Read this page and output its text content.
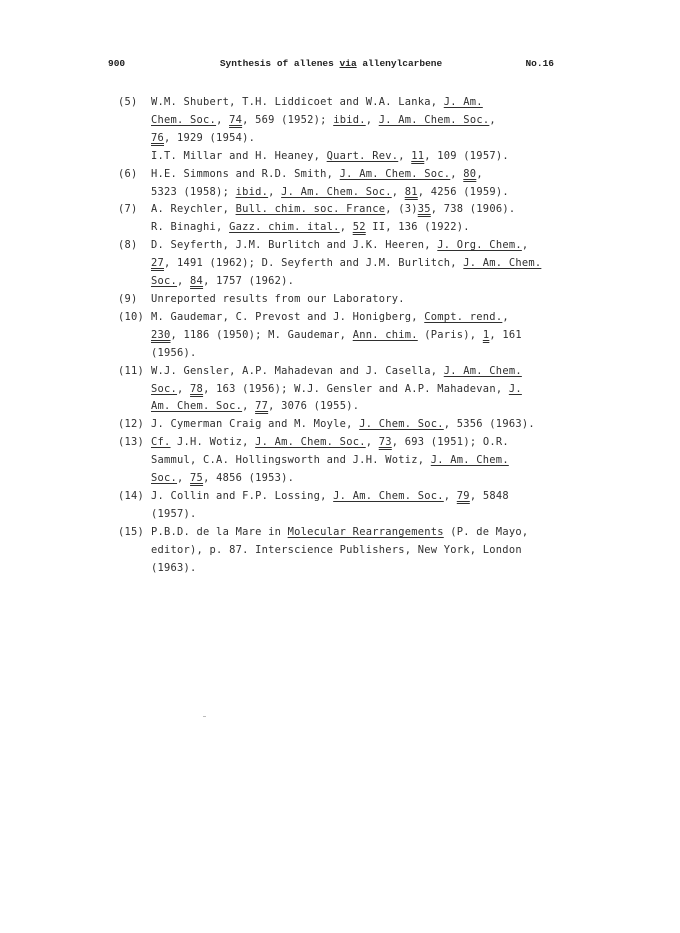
900	Synthesis of allenes via allenylcarbene	No.16
(5) W.M. Shubert, T.H. Liddicoet and W.A. Lanka, J. Am.
Chem. Soc., 74, 569 (1952); ibid., J. Am. Chem. Soc.,
76, 1929 (1954).
I.T. Millar and H. Heaney, Quart. Rev., 11, 109 (1957).
(6) H.E. Simmons and R.D. Smith, J. Am. Chem. Soc., 80,
5323 (1958); ibid., J. Am. Chem. Soc., 81, 4256 (1959).
(7) A. Reychler, Bull. chim. soc. France, (3)35, 738 (1906).
R. Binaghi, Gazz. chim. ital., 52 II, 136 (1922).
(8) D. Seyferth, J.M. Burlitch and J.K. Heeren, J. Org. Chem.,
27, 1491 (1962); D. Seyferth and J.M. Burlitch, J. Am. Chem.
Soc., 84, 1757 (1962).
(9) Unreported results from our Laboratory.
(10) M. Gaudemar, C. Prevost and J. Honigberg, Compt. rend.,
230, 1186 (1950); M. Gaudemar, Ann. chim. (Paris), 1, 161
(1956).
(11) W.J. Gensler, A.P. Mahadevan and J. Casella, J. Am. Chem.
Soc., 78, 163 (1956); W.J. Gensler and A.P. Mahadevan, J.
Am. Chem. Soc., 77, 3076 (1955).
(12) J. Cymerman Craig and M. Moyle, J. Chem. Soc., 5356 (1963).
(13) Cf. J.H. Wotiz, J. Am. Chem. Soc., 73, 693 (1951); O.R.
Sammul, C.A. Hollingsworth and J.H. Wotiz, J. Am. Chem.
Soc., 75, 4856 (1953).
(14) J. Collin and F.P. Lossing, J. Am. Chem. Soc., 79, 5848
(1957).
(15) P.B.D. de la Mare in Molecular Rearrangements (P. de Mayo,
editor), p. 87. Interscience Publishers, New York, London
(1963).
